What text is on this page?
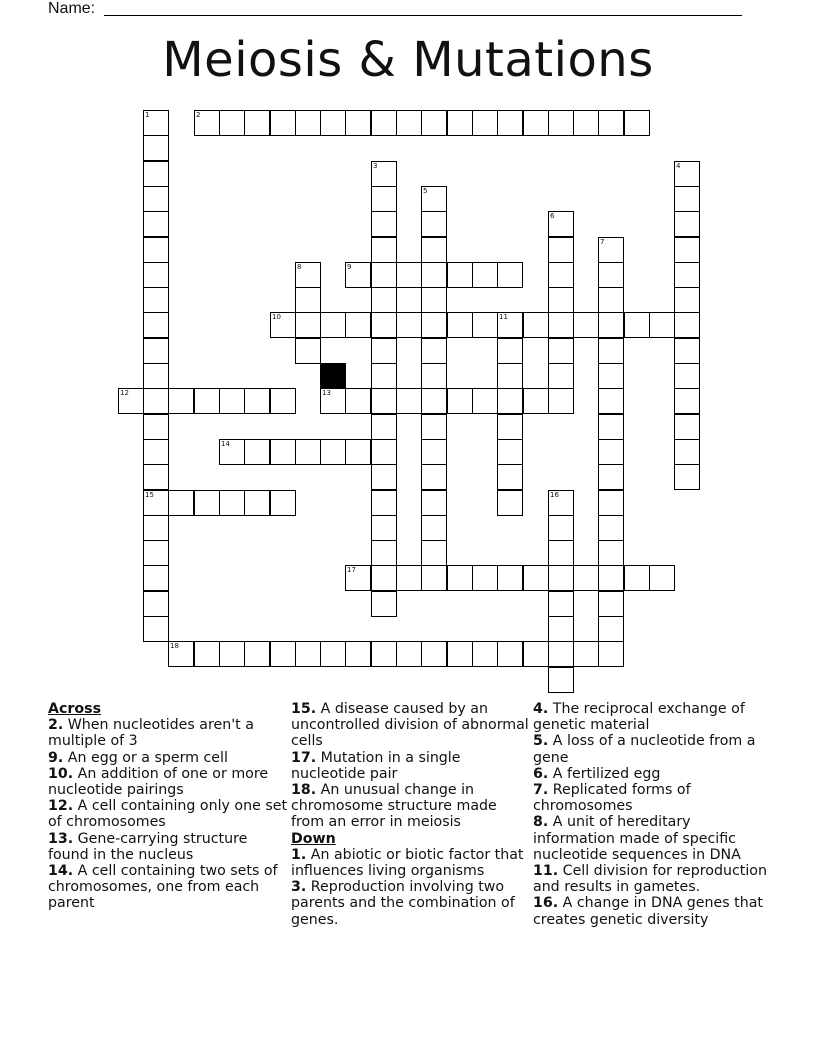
Name:
Meiosis & Mutations
2
9
10	11
12	13
14
15
17
18
1
3	4
5
6
7
8
16
Across
2. When nucleotides aren't a multiple of 3
9. An egg or a sperm cell
10. An addition of one or more nucleotide pairings
12. A cell containing only one set of chromosomes
13. Gene-carrying structure found in the nucleus
14. A cell containing two sets of chromosomes, one from each parent
15. A disease caused by an uncontrolled division of abnormal cells
17. Mutation in a single nucleotide pair
18. An unusual change in chromosome structure made from an error in meiosis
Down
1. An abiotic or biotic factor that influences living organisms
3. Reproduction involving two parents and the combination of genes.
4. The reciprocal exchange of genetic material
5. A loss of a nucleotide from a gene
6. A fertilized egg
7. Replicated forms of chromosomes
8. A unit of hereditary information made of specific nucleotide sequences in DNA
11. Cell division for reproduction and results in gametes.
16. A change in DNA genes that creates genetic diversity
